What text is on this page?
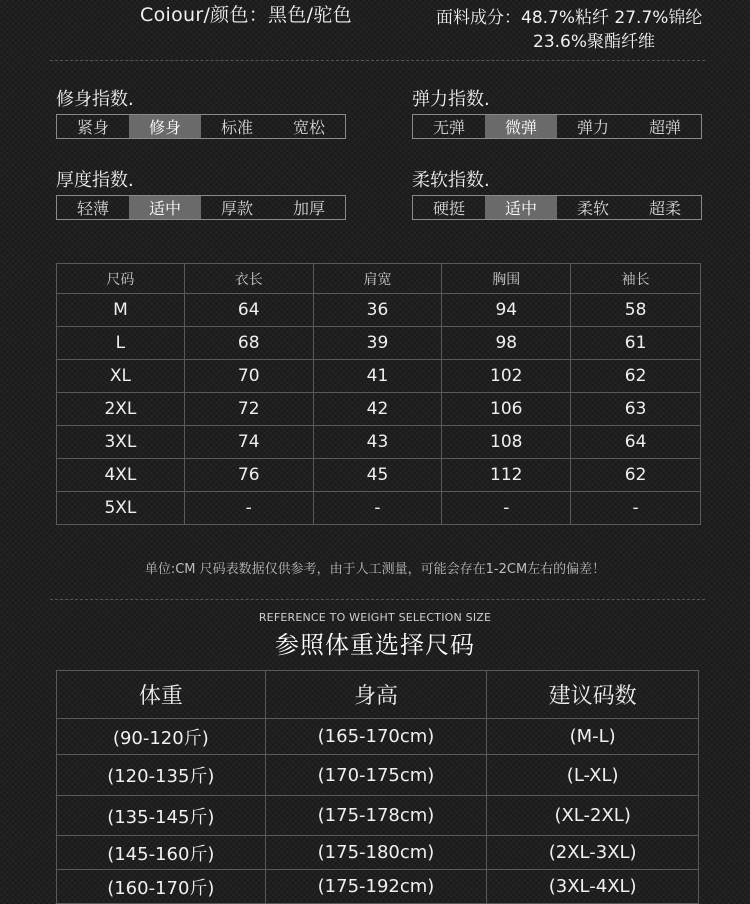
Coiour/颜色：黑色/驼色	面料成分：48.7%粘纤 27.7%锦纶
23.6%聚酯纤维
修身指数.
紧身	修身	标准	宽松
弹力指数.
无弹	微弹	弹力	超弹
厚度指数.
轻薄	适中	厚款	加厚
柔软指数.
硬挺	适中	柔软	超柔
尺码	衣长	肩宽	胸围	袖长
M	64	36	94	58
L	68	39	98	61
XL	70	41	102	62
2XL	72	42	106	63
3XL	74	43	108	64
4XL	76	45	112	62
5XL	-	-	-	-
单位:CM 尺码表数据仅供参考，由于人工测量，可能会存在1-2CM左右的偏差！
REFERENCE TO WEIGHT SELECTION SIZE
参照体重选择尺码
体重	身高	建议码数
(90-120斤)	(165-170cm)	(M-L)
(120-135斤)	(170-175cm)	(L-XL)
(135-145斤)	(175-178cm)	(XL-2XL)
(145-160斤)	(175-180cm)	(2XL-3XL)
(160-170斤)	(175-192cm)	(3XL-4XL)
